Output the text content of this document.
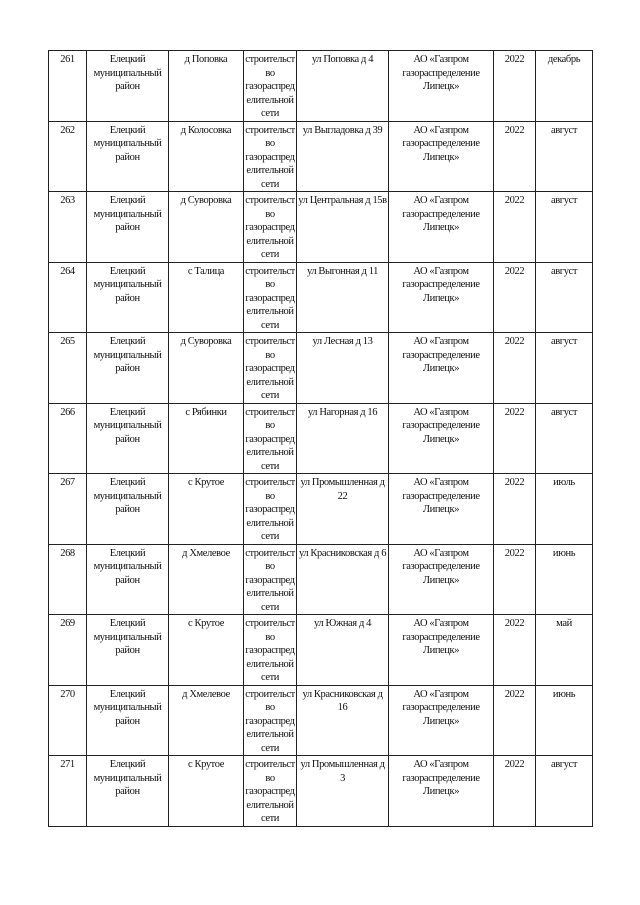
261	Елецкий муниципальный район	д Поповка	строительство газораспределительной сети	ул Поповка д 4	АО «Газпром газораспределение Липецк»	2022	декабрь
262	Елецкий муниципальный район	д Колосовка	строительство газораспределительной сети	ул Выгладовка д 39	АО «Газпром газораспределение Липецк»	2022	август
263	Елецкий муниципальный район	д Суворовка	строительство газораспределительной сети	ул Центральная д 15в	АО «Газпром газораспределение Липецк»	2022	август
264	Елецкий муниципальный район	с Талица	строительство газораспределительной сети	ул Выгонная д 11	АО «Газпром газораспределение Липецк»	2022	август
265	Елецкий муниципальный район	д Суворовка	строительство газораспределительной сети	ул Лесная д 13	АО «Газпром газораспределение Липецк»	2022	август
266	Елецкий муниципальный район	с Рябинки	строительство газораспределительной сети	ул Нагорная д 16	АО «Газпром газораспределение Липецк»	2022	август
267	Елецкий муниципальный район	с Крутое	строительство газораспределительной сети	ул Промышленная д 22	АО «Газпром газораспределение Липецк»	2022	июль
268	Елецкий муниципальный район	д Хмелевое	строительство газораспределительной сети	ул Красниковская д 6	АО «Газпром газораспределение Липецк»	2022	июнь
269	Елецкий муниципальный район	с Крутое	строительство газораспределительной сети	ул Южная д 4	АО «Газпром газораспределение Липецк»	2022	май
270	Елецкий муниципальный район	д Хмелевое	строительство газораспределительной сети	ул Красниковская д 16	АО «Газпром газораспределение Липецк»	2022	июнь
271	Елецкий муниципальный район	с Крутое	строительство газораспределительной сети	ул Промышленная д 3	АО «Газпром газораспределение Липецк»	2022	август
